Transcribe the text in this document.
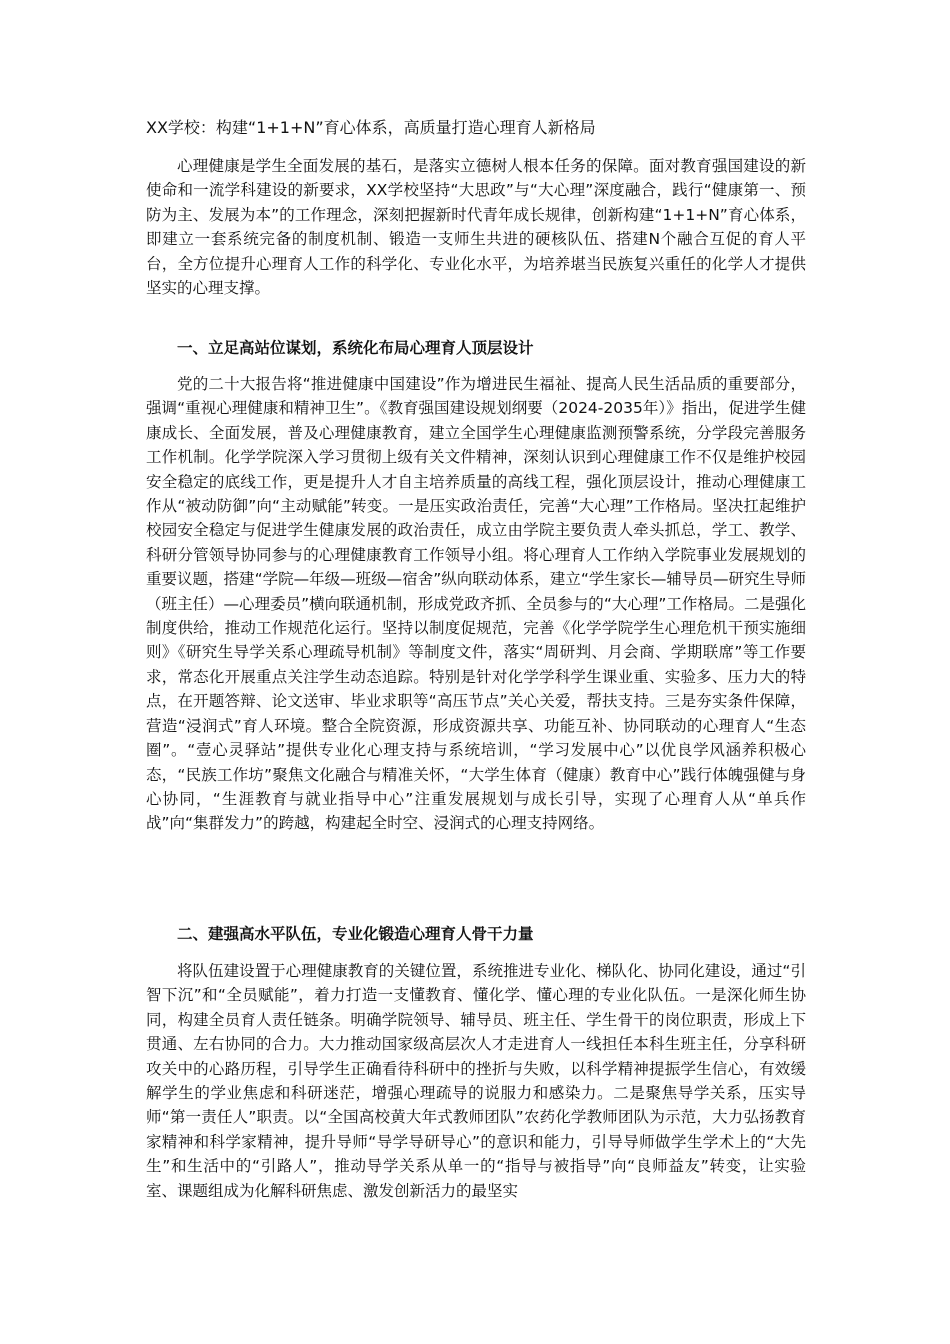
XX学校：构建“1+1+N”育心体系，高质量打造心理育人新格局

心理健康是学生全面发展的基石，是落实立德树人根本任务的保障。面对教育强国建设的新使命和一流学科建设的新要求，XX学校坚持“大思政”与“大心理”深度融合，践行“健康第一、预防为主、发展为本”的工作理念，深刻把握新时代青年成长规律，创新构建“1+1+N”育心体系，即建立一套系统完备的制度机制、锻造一支师生共进的硬核队伍、搭建N个融合互促的育人平台，全方位提升心理育人工作的科学化、专业化水平，为培养堪当民族复兴重任的化学人才提供坚实的心理支撑。

一、立足高站位谋划，系统化布局心理育人顶层设计

党的二十大报告将“推进健康中国建设”作为增进民生福祉、提高人民生活品质的重要部分，强调“重视心理健康和精神卫生”。《教育强国建设规划纲要（2024-2035年）》指出，促进学生健康成长、全面发展，普及心理健康教育，建立全国学生心理健康监测预警系统，分学段完善服务工作机制。化学学院深入学习贯彻上级有关文件精神，深刻认识到心理健康工作不仅是维护校园安全稳定的底线工作，更是提升人才自主培养质量的高线工程，强化顶层设计，推动心理健康工作从“被动防御”向“主动赋能”转变。一是压实政治责任，完善“大心理”工作格局。坚决扛起维护校园安全稳定与促进学生健康发展的政治责任，成立由学院主要负责人牵头抓总，学工、教学、科研分管领导协同参与的心理健康教育工作领导小组。将心理育人工作纳入学院事业发展规划的重要议题，搭建“学院—年级—班级—宿舍”纵向联动体系，建立“学生家长—辅导员—研究生导师（班主任）—心理委员”横向联通机制，形成党政齐抓、全员参与的“大心理”工作格局。二是强化制度供给，推动工作规范化运行。坚持以制度促规范，完善《化学学院学生心理危机干预实施细则》《研究生导学关系心理疏导机制》等制度文件，落实“周研判、月会商、学期联席”等工作要求，常态化开展重点关注学生动态追踪。特别是针对化学学科学生课业重、实验多、压力大的特点，在开题答辩、论文送审、毕业求职等“高压节点”关心关爱，帮扶支持。三是夯实条件保障，营造“浸润式”育人环境。整合全院资源，形成资源共享、功能互补、协同联动的心理育人“生态圈”。“壹心灵驿站”提供专业化心理支持与系统培训，“学习发展中心”以优良学风涵养积极心态，“民族工作坊”聚焦文化融合与精准关怀，“大学生体育（健康）教育中心”践行体魄强健与身心协同，“生涯教育与就业指导中心”注重发展规划与成长引导，实现了心理育人从“单兵作战”向“集群发力”的跨越，构建起全时空、浸润式的心理支持网络。

二、建强高水平队伍，专业化锻造心理育人骨干力量

将队伍建设置于心理健康教育的关键位置，系统推进专业化、梯队化、协同化建设，通过“引智下沉”和“全员赋能”，着力打造一支懂教育、懂化学、懂心理的专业化队伍。一是深化师生协同，构建全员育人责任链条。明确学院领导、辅导员、班主任、学生骨干的岗位职责，形成上下贯通、左右协同的合力。大力推动国家级高层次人才走进育人一线担任本科生班主任，分享科研攻关中的心路历程，引导学生正确看待科研中的挫折与失败，以科学精神提振学生信心，有效缓解学生的学业焦虑和科研迷茫，增强心理疏导的说服力和感染力。二是聚焦导学关系，压实导师“第一责任人”职责。以“全国高校黄大年式教师团队”农药化学教师团队为示范，大力弘扬教育家精神和科学家精神，提升导师“导学导研导心”的意识和能力，引导导师做学生学术上的“大先生”和生活中的“引路人”，推动导学关系从单一的“指导与被指导”向“良师益友”转变，让实验室、课题组成为化解科研焦虑、激发创新活力的最坚实
